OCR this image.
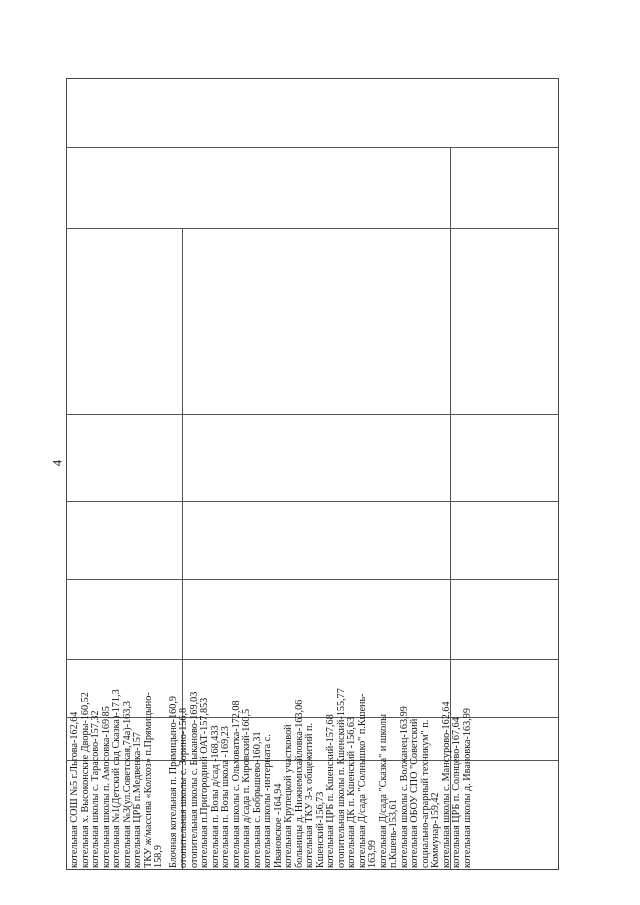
4
котельная СОШ №5 г.Льгова-162,64 котельная х. Высоконские Дворы-160,52 котельная школы с. Тарасово-157,32 котельная школы п. Амосовка-169,85 котельная №1(Детский сад Сказка)-171,3 котельная №3(ул.Советская,74а)-163,3 котельная ЦРБ п.Медвенка-157 ТКУ ж/массива «Колхоз» п.Прямицыно- 158,9 Блочная котельная п. Прямицыно-160,9 отопительная школы с. Зорино-156,8 отопительная школы с. Быканово-169,03 котельная п.Пригородний ОАТ-157,853 котельная п. Возы д/сад -168,433 котельная п. Возы школа -169,23 котельная школы с. Ольховатка-172,08 котельная д/сада п. Кировский-160,5 котельная с. Бобрышево-160,31 котельная школы -интерната с. Ивановское -164,94 котельная Крупецкой участковой больницы д. Нижнемихайловка-163,06 котельная ТКУ 3-х общежитий п. Кшенский-156,73 котельная ЦРБ п. Кшенский-157,68 отопительная школы п. Кшенский-155,77 котельная ДК п. Кшенский -156,63 котельная Д/сада "Солнышко" п.Кшень- 163,99 котельная Д/сада "Сказка" и школы п.Кшень-153,61 котельная школы с. Волжанец-163,99 котельная ОБОУ СПО "Советский социально-аграрный техникум" п. Коммунар-159,42 котельная школы с. Мансурово-162,64 котельная ЦРБ п. Солнцево-167,64 котельная школы д. Ивановка-163,99
